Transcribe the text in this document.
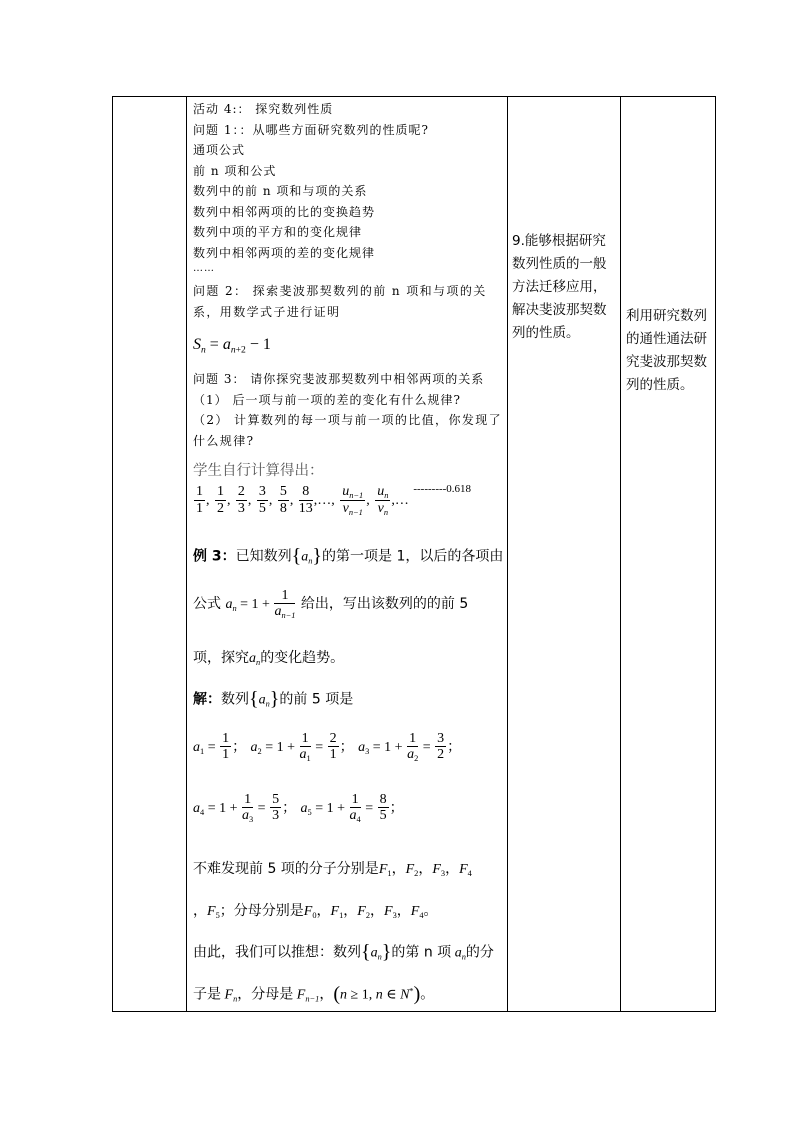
活动 4:： 探究数列性质
问题 1：：从哪些方面研究数列的性质呢?
通项公式
前 n 项和公式
数列中的前 n 项和与项的关系
数列中相邻两项的比的变换趋势
数列中项的平方和的变化规律
数列中相邻两项的差的变化规律
……
问题 2： 探索斐波那契数列的前 n 项和与项的关系，用数学式子进行证明
$S_n = a_{n+2} - 1$
问题 3： 请你探究斐波那契数列中相邻两项的关系
（1） 后一项与前一项的差的变化有什么规律?
（2） 计算数列的每一项与前一项的比值，你发现了什么规律?
学生自行计算得出：
$\frac{1}{1}$ , $\frac{1}{2}$ , $\frac{2}{3}$ , $\frac{3}{5}$ , $\frac{5}{8}$ , $\frac{8}{13}$ ,…, $\frac{u_{n-1}}{v_{n-1}}$ , $\frac{u_n}{v_n}$ ,… $^{---------0.618}$
例 3：已知数列$\{a_n\}$的第一项是 1，以后的各项由
公式 $a_n = 1 + \frac{1}{a_{n-1}}$ 给出，写出该数列的的前 5
项，探究$a_n$的变化趋势。
解：数列$\{a_n\}$的前 5 项是
$a_1 = \frac{1}{1}$ ； $a_2 = 1 + \frac{1}{a_1} = \frac{2}{1}$ ； $a_3 = 1 + \frac{1}{a_2} = \frac{3}{2}$ ；
$a_4 = 1 + \frac{1}{a_3} = \frac{5}{3}$ ； $a_5 = 1 + \frac{1}{a_4} = \frac{8}{5}$ ；
不难发现前 5 项的分子分别是$F_1$，$F_2$，$F_3$，$F_4$
，$F_5$；分母分别是$F_0$，$F_1$，$F_2$，$F_3$，$F_4$。
由此，我们可以推想：数列$\{a_n\}$的第 n 项 $a_n$的分
子是 $F_n$，分母是 $F_{n-1}$，(n ≥ 1, n ∈ N*)。
9.能够根据研究数列性质的一般方法迁移应用，解决斐波那契数列的性质。
利用研究数列的通性通法研究斐波那契数列的性质。
